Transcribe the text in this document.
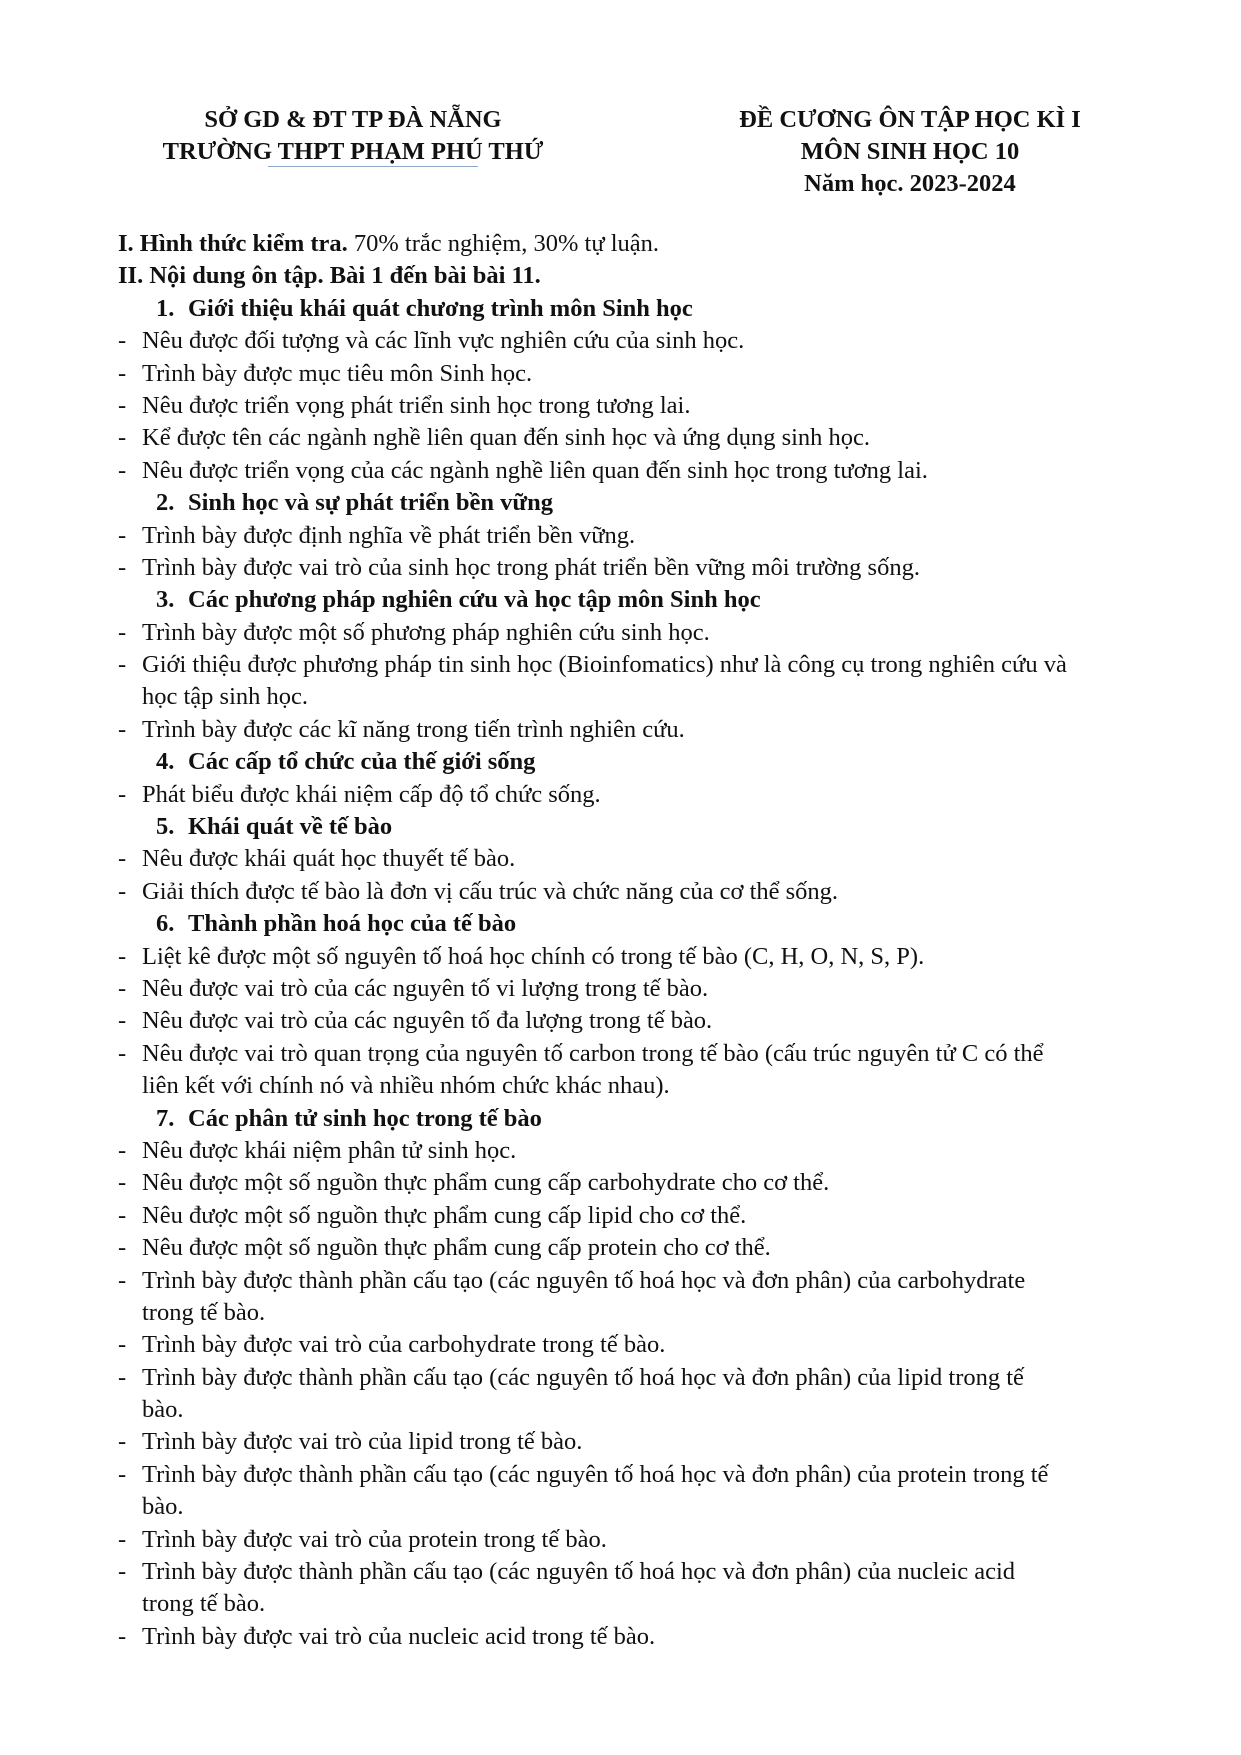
SỞ GD & ĐT TP ĐÀ NẴNG
TRƯỜNG THPT PHẠM PHÚ THỨ
ĐỀ CƯƠNG ÔN TẬP HỌC KÌ I
MÔN SINH HỌC 10
Năm học. 2023-2024
I. Hình thức kiểm tra. 70% trắc nghiệm, 30% tự luận.
II. Nội dung ôn tập. Bài 1 đến bài bài 11.
1. Giới thiệu khái quát chương trình môn Sinh học
- Nêu được đối tượng và các lĩnh vực nghiên cứu của sinh học.
- Trình bày được mục tiêu môn Sinh học.
- Nêu được triển vọng phát triển sinh học trong tương lai.
- Kể được tên các ngành nghề liên quan đến sinh học và ứng dụng sinh học.
- Nêu được triển vọng của các ngành nghề liên quan đến sinh học trong tương lai.
2. Sinh học và sự phát triển bền vững
- Trình bày được định nghĩa về phát triển bền vững.
- Trình bày được vai trò của sinh học trong phát triển bền vững môi trường sống.
3. Các phương pháp nghiên cứu và học tập môn Sinh học
- Trình bày được một số phương pháp nghiên cứu sinh học.
- Giới thiệu được phương pháp tin sinh học (Bioinfomatics) như là công cụ trong nghiên cứu và
học tập sinh học.
- Trình bày được các kĩ năng trong tiến trình nghiên cứu.
4. Các cấp tổ chức của thế giới sống
- Phát biểu được khái niệm cấp độ tổ chức sống.
5. Khái quát về tế bào
- Nêu được khái quát học thuyết tế bào.
- Giải thích được tế bào là đơn vị cấu trúc và chức năng của cơ thể sống.
6. Thành phần hoá học của tế bào
- Liệt kê được một số nguyên tố hoá học chính có trong tế bào (C, H, O, N, S, P).
- Nêu được vai trò của các nguyên tố vi lượng trong tế bào.
- Nêu được vai trò của các nguyên tố đa lượng trong tế bào.
- Nêu được vai trò quan trọng của nguyên tố carbon trong tế bào (cấu trúc nguyên tử C có thể
liên kết với chính nó và nhiều nhóm chức khác nhau).
7. Các phân tử sinh học trong tế bào
- Nêu được khái niệm phân tử sinh học.
- Nêu được một số nguồn thực phẩm cung cấp carbohydrate cho cơ thể.
- Nêu được một số nguồn thực phẩm cung cấp lipid cho cơ thể.
- Nêu được một số nguồn thực phẩm cung cấp protein cho cơ thể.
- Trình bày được thành phần cấu tạo (các nguyên tố hoá học và đơn phân) của carbohydrate
trong tế bào.
- Trình bày được vai trò của carbohydrate trong tế bào.
- Trình bày được thành phần cấu tạo (các nguyên tố hoá học và đơn phân) của lipid trong tế
bào.
- Trình bày được vai trò của lipid trong tế bào.
- Trình bày được thành phần cấu tạo (các nguyên tố hoá học và đơn phân) của protein trong tế
bào.
- Trình bày được vai trò của protein trong tế bào.
- Trình bày được thành phần cấu tạo (các nguyên tố hoá học và đơn phân) của nucleic acid
trong tế bào.
- Trình bày được vai trò của nucleic acid trong tế bào.
